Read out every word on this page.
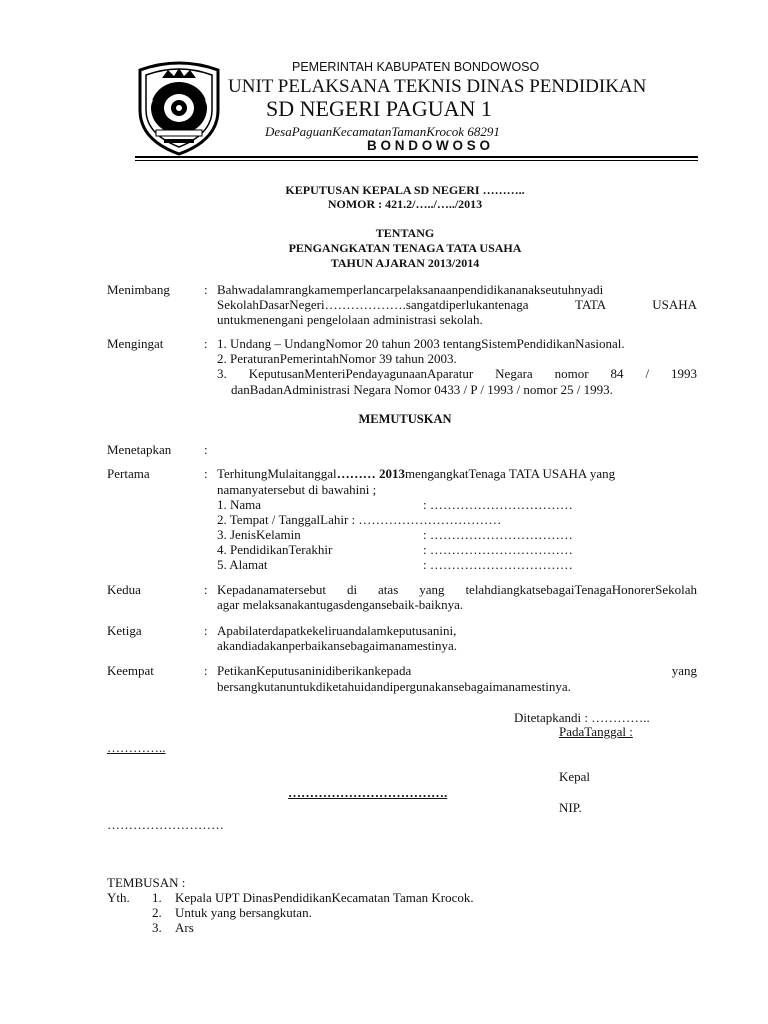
PEMERINTAH KABUPATEN BONDOWOSO
UNIT PELAKSANA TEKNIS DINAS PENDIDIKAN
SD NEGERI PAGUAN 1
DesaPaguanKecamatanTamanKrocok 68291
B O N D O W O S O
KEPUTUSAN KEPALA SD NEGERI ………..
NOMOR : 421.2/…../…../2013
TENTANG
PENGANGKATAN TENAGA TATA USAHA
TAHUN AJARAN 2013/2014
Menimbang	: Bahwadalamrangkamemperlancarpelaksanaanpendidikananakseutuhnyadi
SekolahDasarNegeri……………….sangatdiperlukantenaga TATA USAHA
untukmenengani pengelolaan administrasi sekolah.
Mengingat	: 1. Undang – UndangNomor 20 tahun 2003 tentangSistemPendidikanNasional.
2. PeraturanPemerintahNomor 39 tahun 2003.
3. KeputusanMenteriPendayagunaanAparatur Negara nomor 84 / 1993
danBadanAdministrasi Negara Nomor 0433 / P / 1993 / nomor 25 / 1993.
MEMUTUSKAN
Menetapkan	:
Pertama	: TerhitungMulaitanggal……… 2013mengangkatTenaga TATA USAHA yang
namanyatersebut di bawahini ;
1. Nama	: ……………………………
2. Tempat / TanggalLahir : ……………………………
3. JenisKelamin	: ……………………………
4. PendidikanTerakhir	: ……………………………
5. Alamat	: ……………………………
Kedua	: Kepadanamatersebut di atas yang telahdiangkatsebagaiTenagaHonorerSekolah
agar melaksanakantugasdengansebaik-baiknya.
Ketiga	: Apabilaterdapatkekeliruandalamkeputusanini,
akandiadakanperbaikansebagaimanamestinya.
Keempat	: PetikanKeputusaninidiberikankepada	yang
bersangkutanuntukdiketahuidandipergunakansebagaimanamestinya.
Ditetapkandi : …………..
PadaTanggal :
…………..
Kepal
……………………………….
NIP.
………………………
TEMBUSAN :
Yth. 1. Kepala UPT DinasPendidikanKecamatan Taman Krocok.
2. Untuk yang bersangkutan.
3. Ars
